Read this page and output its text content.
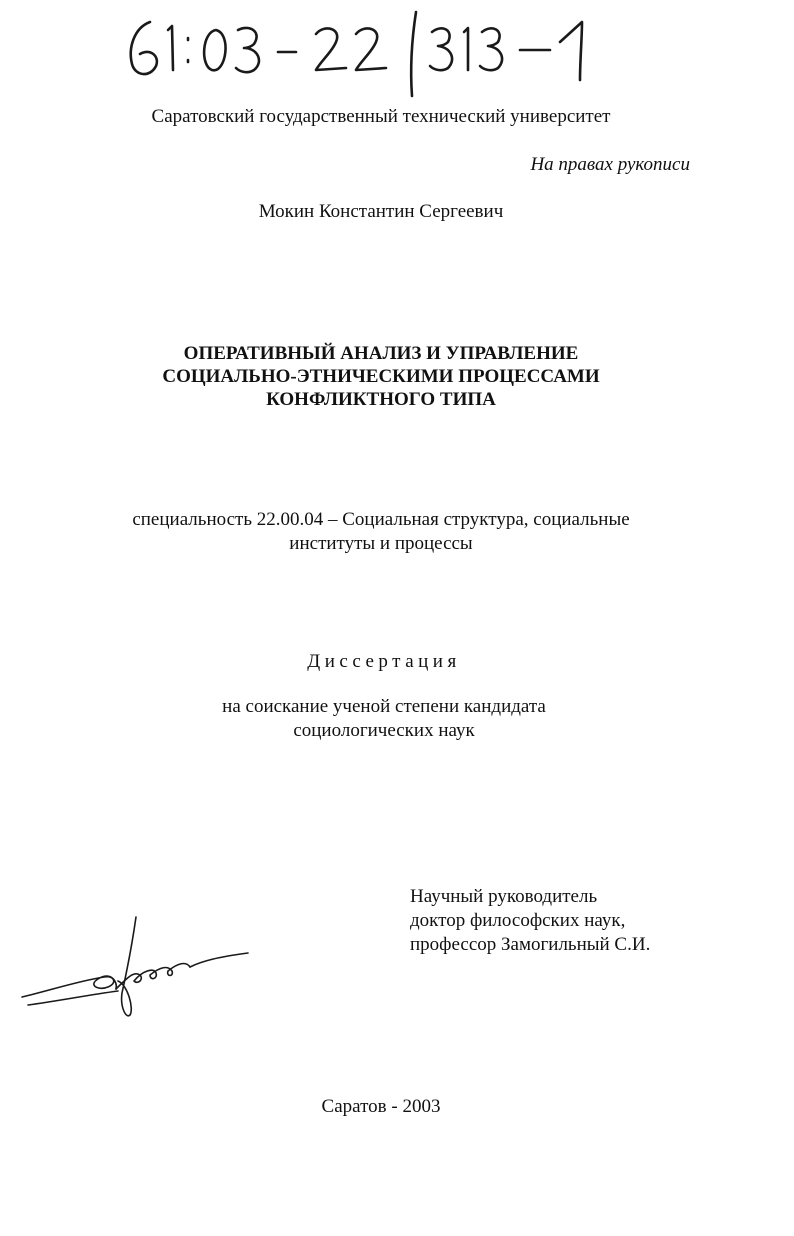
Саратовский государственный технический университет
На правах рукописи
Мокин Константин Сергеевич
ОПЕРАТИВНЫЙ АНАЛИЗ И УПРАВЛЕНИЕ
СОЦИАЛЬНО-ЭТНИЧЕСКИМИ ПРОЦЕССАМИ
КОНФЛИКТНОГО ТИПА
специальность 22.00.04 – Социальная структура, социальные
институты и процессы
Диссертация
на соискание ученой степени кандидата
социологических наук
Научный руководитель
доктор философских наук,
профессор Замогильный С.И.
Саратов - 2003
